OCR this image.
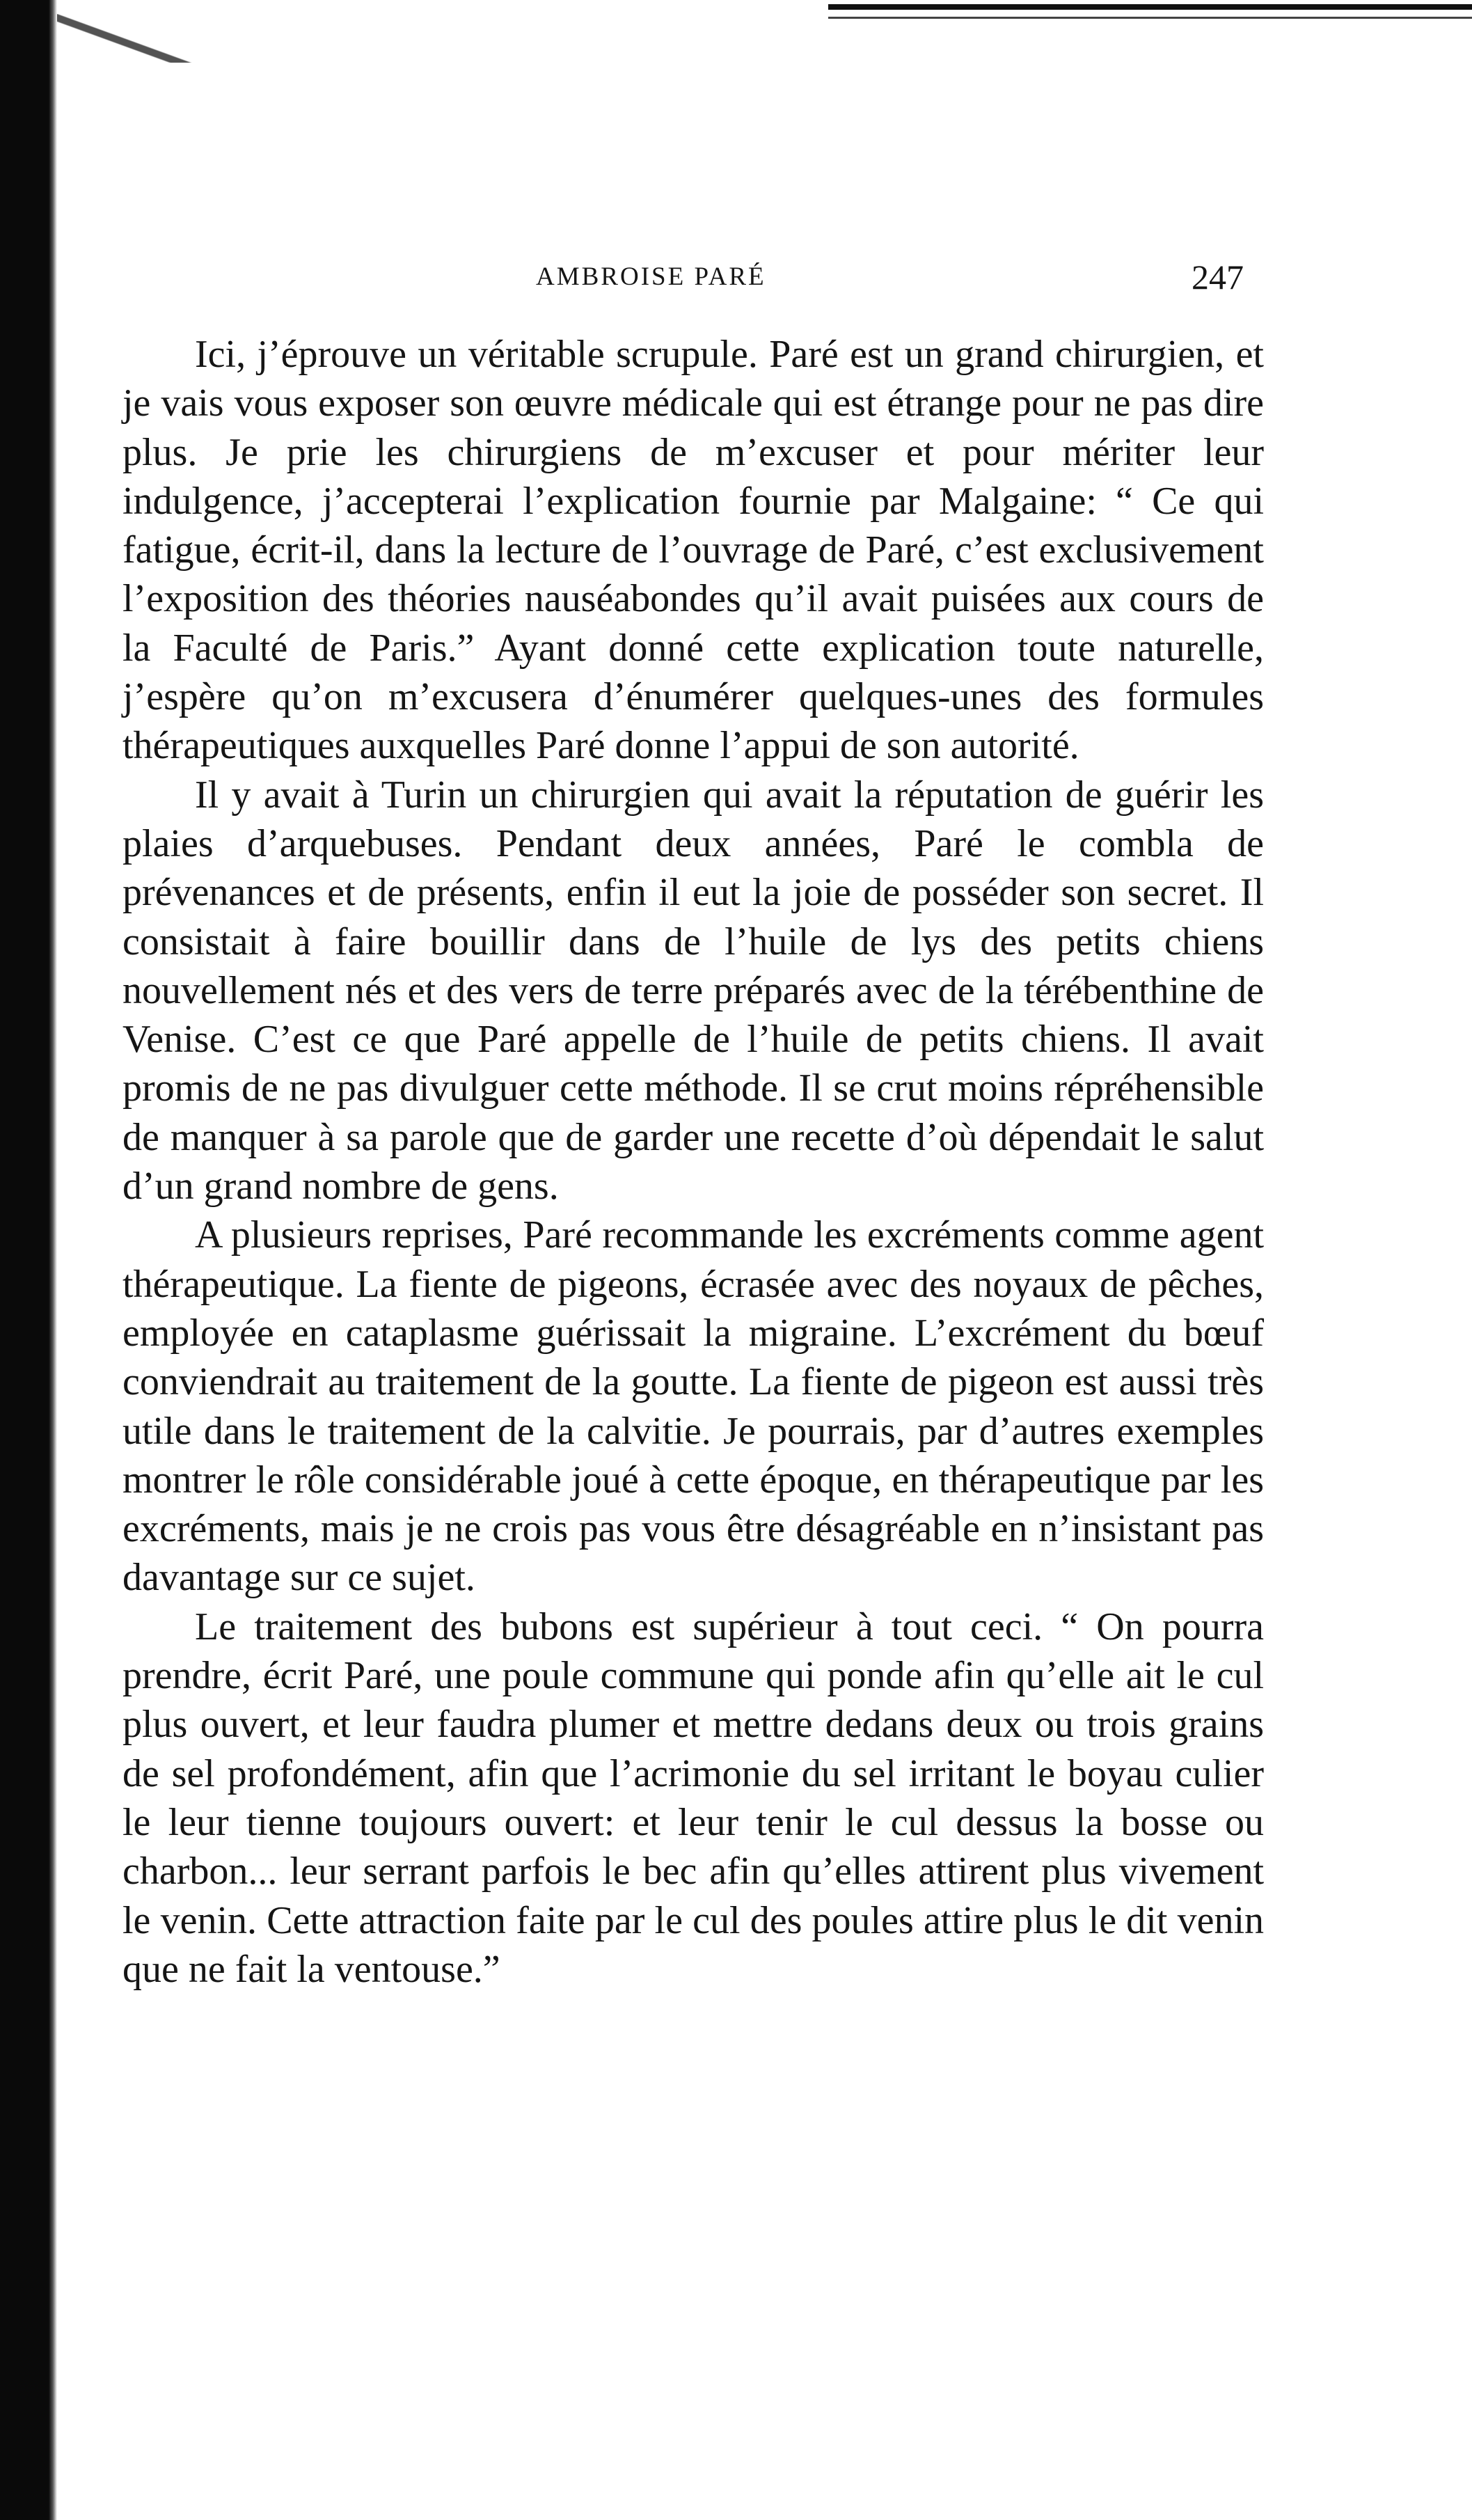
AMBROISE PARÉ	247

Ici, j’éprouve un véritable scrupule. Paré est un grand chirurgien, et je vais vous exposer son œuvre médicale qui est étrange pour ne pas dire plus. Je prie les chirurgiens de m’excuser et pour mériter leur indulgence, j’accepterai l’explication fournie par Malgaine: “ Ce qui fatigue, écrit-il, dans la lecture de l’ouvrage de Paré, c’est exclusivement l’exposition des théories nauséabondes qu’il avait puisées aux cours de la Faculté de Paris.” Ayant donné cette explication toute naturelle, j’espère qu’on m’excusera d’énumérer quelques-unes des formules thérapeutiques auxquelles Paré donne l’appui de son autorité.

Il y avait à Turin un chirurgien qui avait la réputation de guérir les plaies d’arquebuses. Pendant deux années, Paré le combla de prévenances et de présents, enfin il eut la joie de posséder son secret. Il consistait à faire bouillir dans de l’huile de lys des petits chiens nouvellement nés et des vers de terre préparés avec de la térébenthine de Venise. C’est ce que Paré appelle de l’huile de petits chiens. Il avait promis de ne pas divulguer cette méthode. Il se crut moins répréhensible de manquer à sa parole que de garder une recette d’où dépendait le salut d’un grand nombre de gens.

A plusieurs reprises, Paré recommande les excréments comme agent thérapeutique. La fiente de pigeons, écrasée avec des noyaux de pêches, employée en cataplasme guérissait la migraine. L’excrément du bœuf conviendrait au traitement de la goutte. La fiente de pigeon est aussi très utile dans le traitement de la calvitie. Je pourrais, par d’autres exemples montrer le rôle considérable joué à cette époque, en thérapeutique par les excréments, mais je ne crois pas vous être désagréable en n’insistant pas davantage sur ce sujet.

Le traitement des bubons est supérieur à tout ceci. “ On pourra prendre, écrit Paré, une poule commune qui ponde afin qu’elle ait le cul plus ouvert, et leur faudra plumer et mettre dedans deux ou trois grains de sel profondément, afin que l’acrimonie du sel irritant le boyau culier le leur tienne toujours ouvert: et leur tenir le cul dessus la bosse ou charbon... leur serrant parfois le bec afin qu’elles attirent plus vivement le venin. Cette attraction faite par le cul des poules attire plus le dit venin que ne fait la ventouse.”
